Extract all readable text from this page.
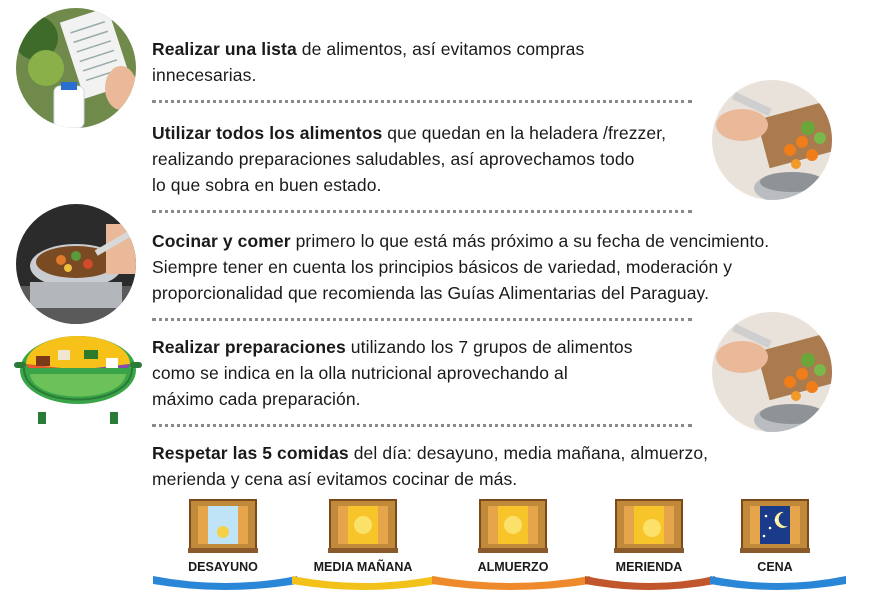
Realizar una lista de alimentos, así evitamos compras
innecesarias.
Utilizar todos los alimentos que quedan en la heladera /frezzer,
realizando preparaciones saludables, así aprovechamos todo
lo que sobra en buen estado.
Cocinar y comer primero lo que está más próximo a su fecha de vencimiento.
Siempre tener en cuenta los principios básicos de variedad, moderación y
proporcionalidad que recomienda las Guías Alimentarias del Paraguay.
Realizar preparaciones utilizando los 7 grupos de alimentos
como se indica en la olla nutricional aprovechando al
máximo cada preparación.
Respetar las 5 comidas del día: desayuno, media mañana, almuerzo,
merienda y cena así evitamos cocinar de más.
DESAYUNO	MEDIA MAÑANA	ALMUERZO	MERIENDA	CENA
